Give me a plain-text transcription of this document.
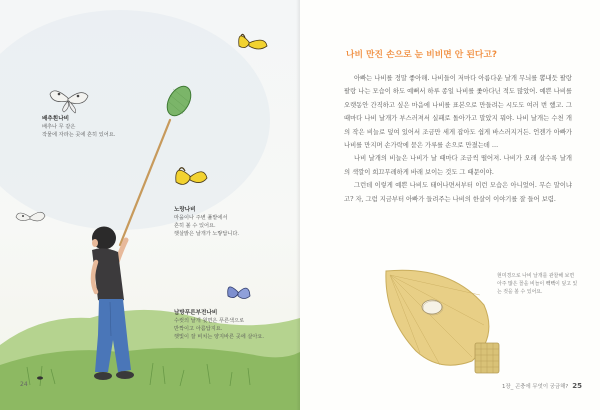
배추흰나비
배추나 무 같은
작물에 자라는 곳에 흔히 있어요.
노랑나비
마을이나 주변 풀밭에서
흔히 볼 수 있어요.
햇살밝은 날개가 노랗답니다.
남방푸른부전나비
수컷의 날개 윗면은 푸른색으로
반짝이고 아름답지요.
햇빛이 잘 비치는 양지바른 곳에 살아요.
24
나비 만진 손으로 눈 비비면 안 된다고?

아빠는 나비를 정말 좋아해. 나비들이 저마다 아름다운 날개 무늬를 뽐내듯 팔랑팔랑 나는 모습이 하도 예뻐서 하루 종일 나비를 좇아다닌 적도 많았어. 예쁜 나비를 오랫동안 간직하고 싶은 마음에 나비를 표본으로 만들려는 시도도 여러 번 했고. 그때마다 나비 날개가 부스러져서 실패로 돌아가고 말았지 뭐야. 나비 날개는 수천 개의 작은 비늘로 덮여 있어서 조금만 세게 잡아도 쉽게 바스러지거든. 언젠가 아빠가 나비를 만지며 손가락에 묻은 가루를 손으로 만졌는데 …

나비 날개의 비늘은 나비가 날 때마다 조금씩 떨어져. 나비가 오래 살수록 날개의 색깔이 희끄무레하게 바래 보이는 것도 그 때문이야.

그런데 이렇게 예쁜 나비도 태어나면서부터 이런 모습은 아니었어. 무슨 말이냐고? 자, 그럼 지금부터 아빠가 들려주는 나비의 한살이 이야기를 잘 들어 보렴.

현미경으로 나비 날개를 관찰해 보면 아주 많은 꼴을 비늘이 빽빽이 덮고 있는 것을 볼 수 있어요.
1장_ 곤충에 무엇이 궁금해? 25
